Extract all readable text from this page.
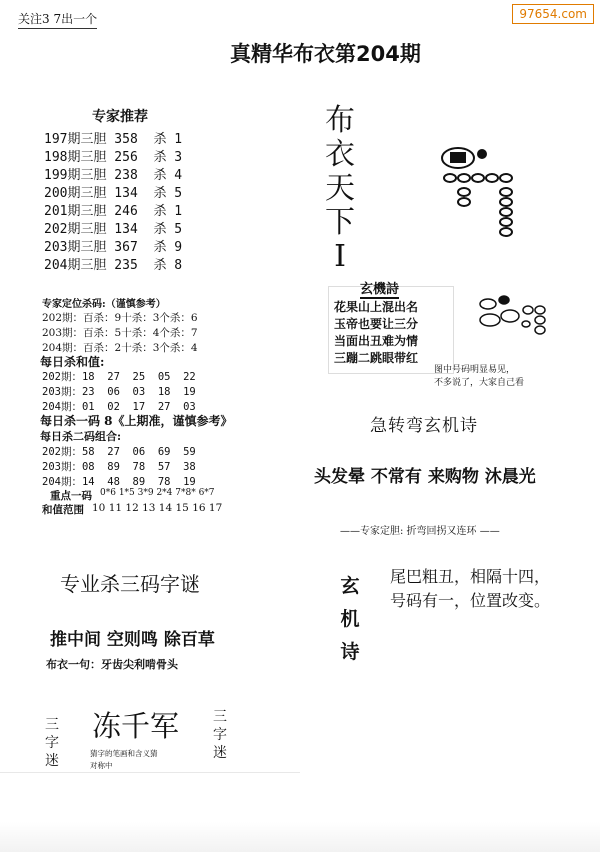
关注3 7出一个	97654.com
真精华布衣第204期
专家推荐
197期三胆 358  杀 1
198期三胆 256  杀 3
199期三胆 238  杀 4
200期三胆 134  杀 5
201期三胆 246  杀 1
202期三胆 134  杀 5
203期三胆 367  杀 9
204期三胆 235  杀 8
专家定位杀码:（谨慎参考）
202期：百杀：9十杀：3个杀：6
203期：百杀：5十杀：4个杀：7
204期：百杀：2十杀：3个杀：4
每日杀和值:
202期：18  27  25  05  22
203期：23  06  03  18  19
204期：01  02  17  27  03
每日杀一码 8《上期准，谨慎参考》
每日杀二码组合:
202期：58  27  06  69  59
203期：08  89  78  57  38
204期：14  48  89  78  19
重点一码 0*6 1*5 3*9 2*4 7*8* 6*7
和值范围 10 11 12 13 14 15 16 17
布
衣
天
下
I
玄機詩
花果山上混出名
玉帝也要让三分
当面出丑难为情
三蹦二跳眼带红
图中号码明显易见，
不多说了，大家自己看
急转弯玄机诗
头发晕 不常有 来购物 沐晨光
——专家定胆: 折弯回拐又连环 ——
玄
机
诗
尾巴粗丑，相隔十四，
号码有一，位置改变。
专业杀三码字谜
推中间 空则鸣 除百草
布衣一句：牙齿尖利啃骨头
三
字
迷
冻千军 三
字
迷
猜字的笔画和含义猜
对称中
